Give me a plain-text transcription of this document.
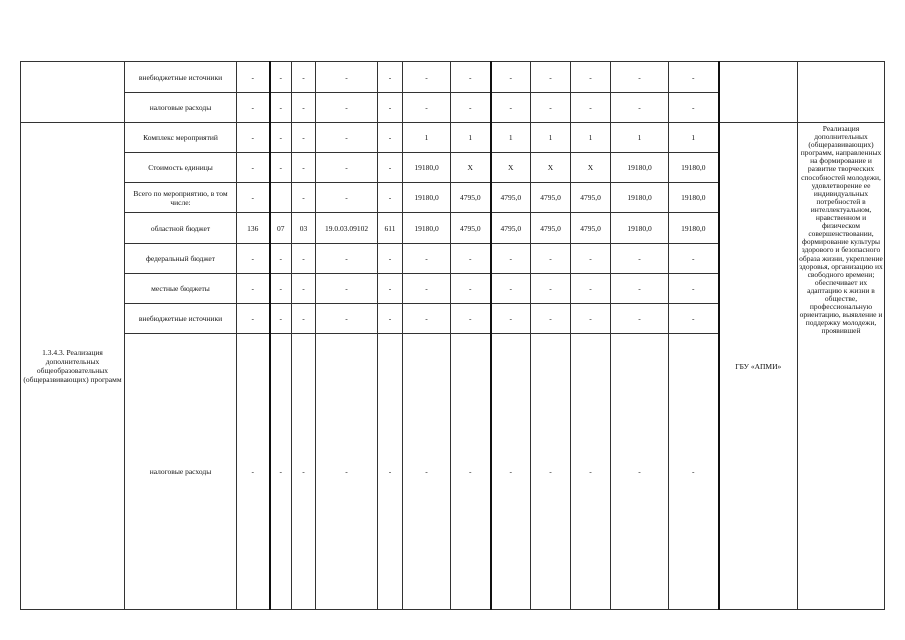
	внебюджетные источники	-	-	-	-	-	-	-	-	-	-	-	-		
	налоговые расходы	-	-	-	-	-	-	-	-	-	-	-	-		
1.3.4.3. Реализация дополнительных общеобразовательных (общеразвивающих) программ	Комплекс мероприятий	-	-	-	-	-	1	1	1	1	1	1	1	ГБУ «АПМИ»	Реализация дополнительных (общеразвивающих) программ, направленных на формирование и развитие творческих способностей молодежи, удовлетворение ее индивидуальных потребностей в интеллектуальном, нравственном и физическом совершенствовании, формирование культуры здорового и безопасного образа жизни, укрепление здоровья, организацию их свободного времени; обеспечивает их адаптацию к жизни в обществе, профессиональную ориентацию, выявление и поддержку молодежи, проявившей
	Стоимость единицы	-	-	-	-	-	19180,0	X	X	X	X	19180,0	19180,0		
	Всего по мероприятию, в том числе:	-		-	-	-	19180,0	4795,0	4795,0	4795,0	4795,0	19180,0	19180,0		
	областной бюджет	136	07	03	19.0.03.09102	611	19180,0	4795,0	4795,0	4795,0	4795,0	19180,0	19180,0		
	федеральный бюджет	-	-	-	-	-	-	-	-	-	-	-	-		
	местные бюджеты	-	-	-	-	-	-	-	-	-	-	-	-		
	внебюджетные источники	-	-	-	-	-	-	-	-	-	-	-	-		
	налоговые расходы	-	-	-	-	-	-	-	-	-	-	-	-		
